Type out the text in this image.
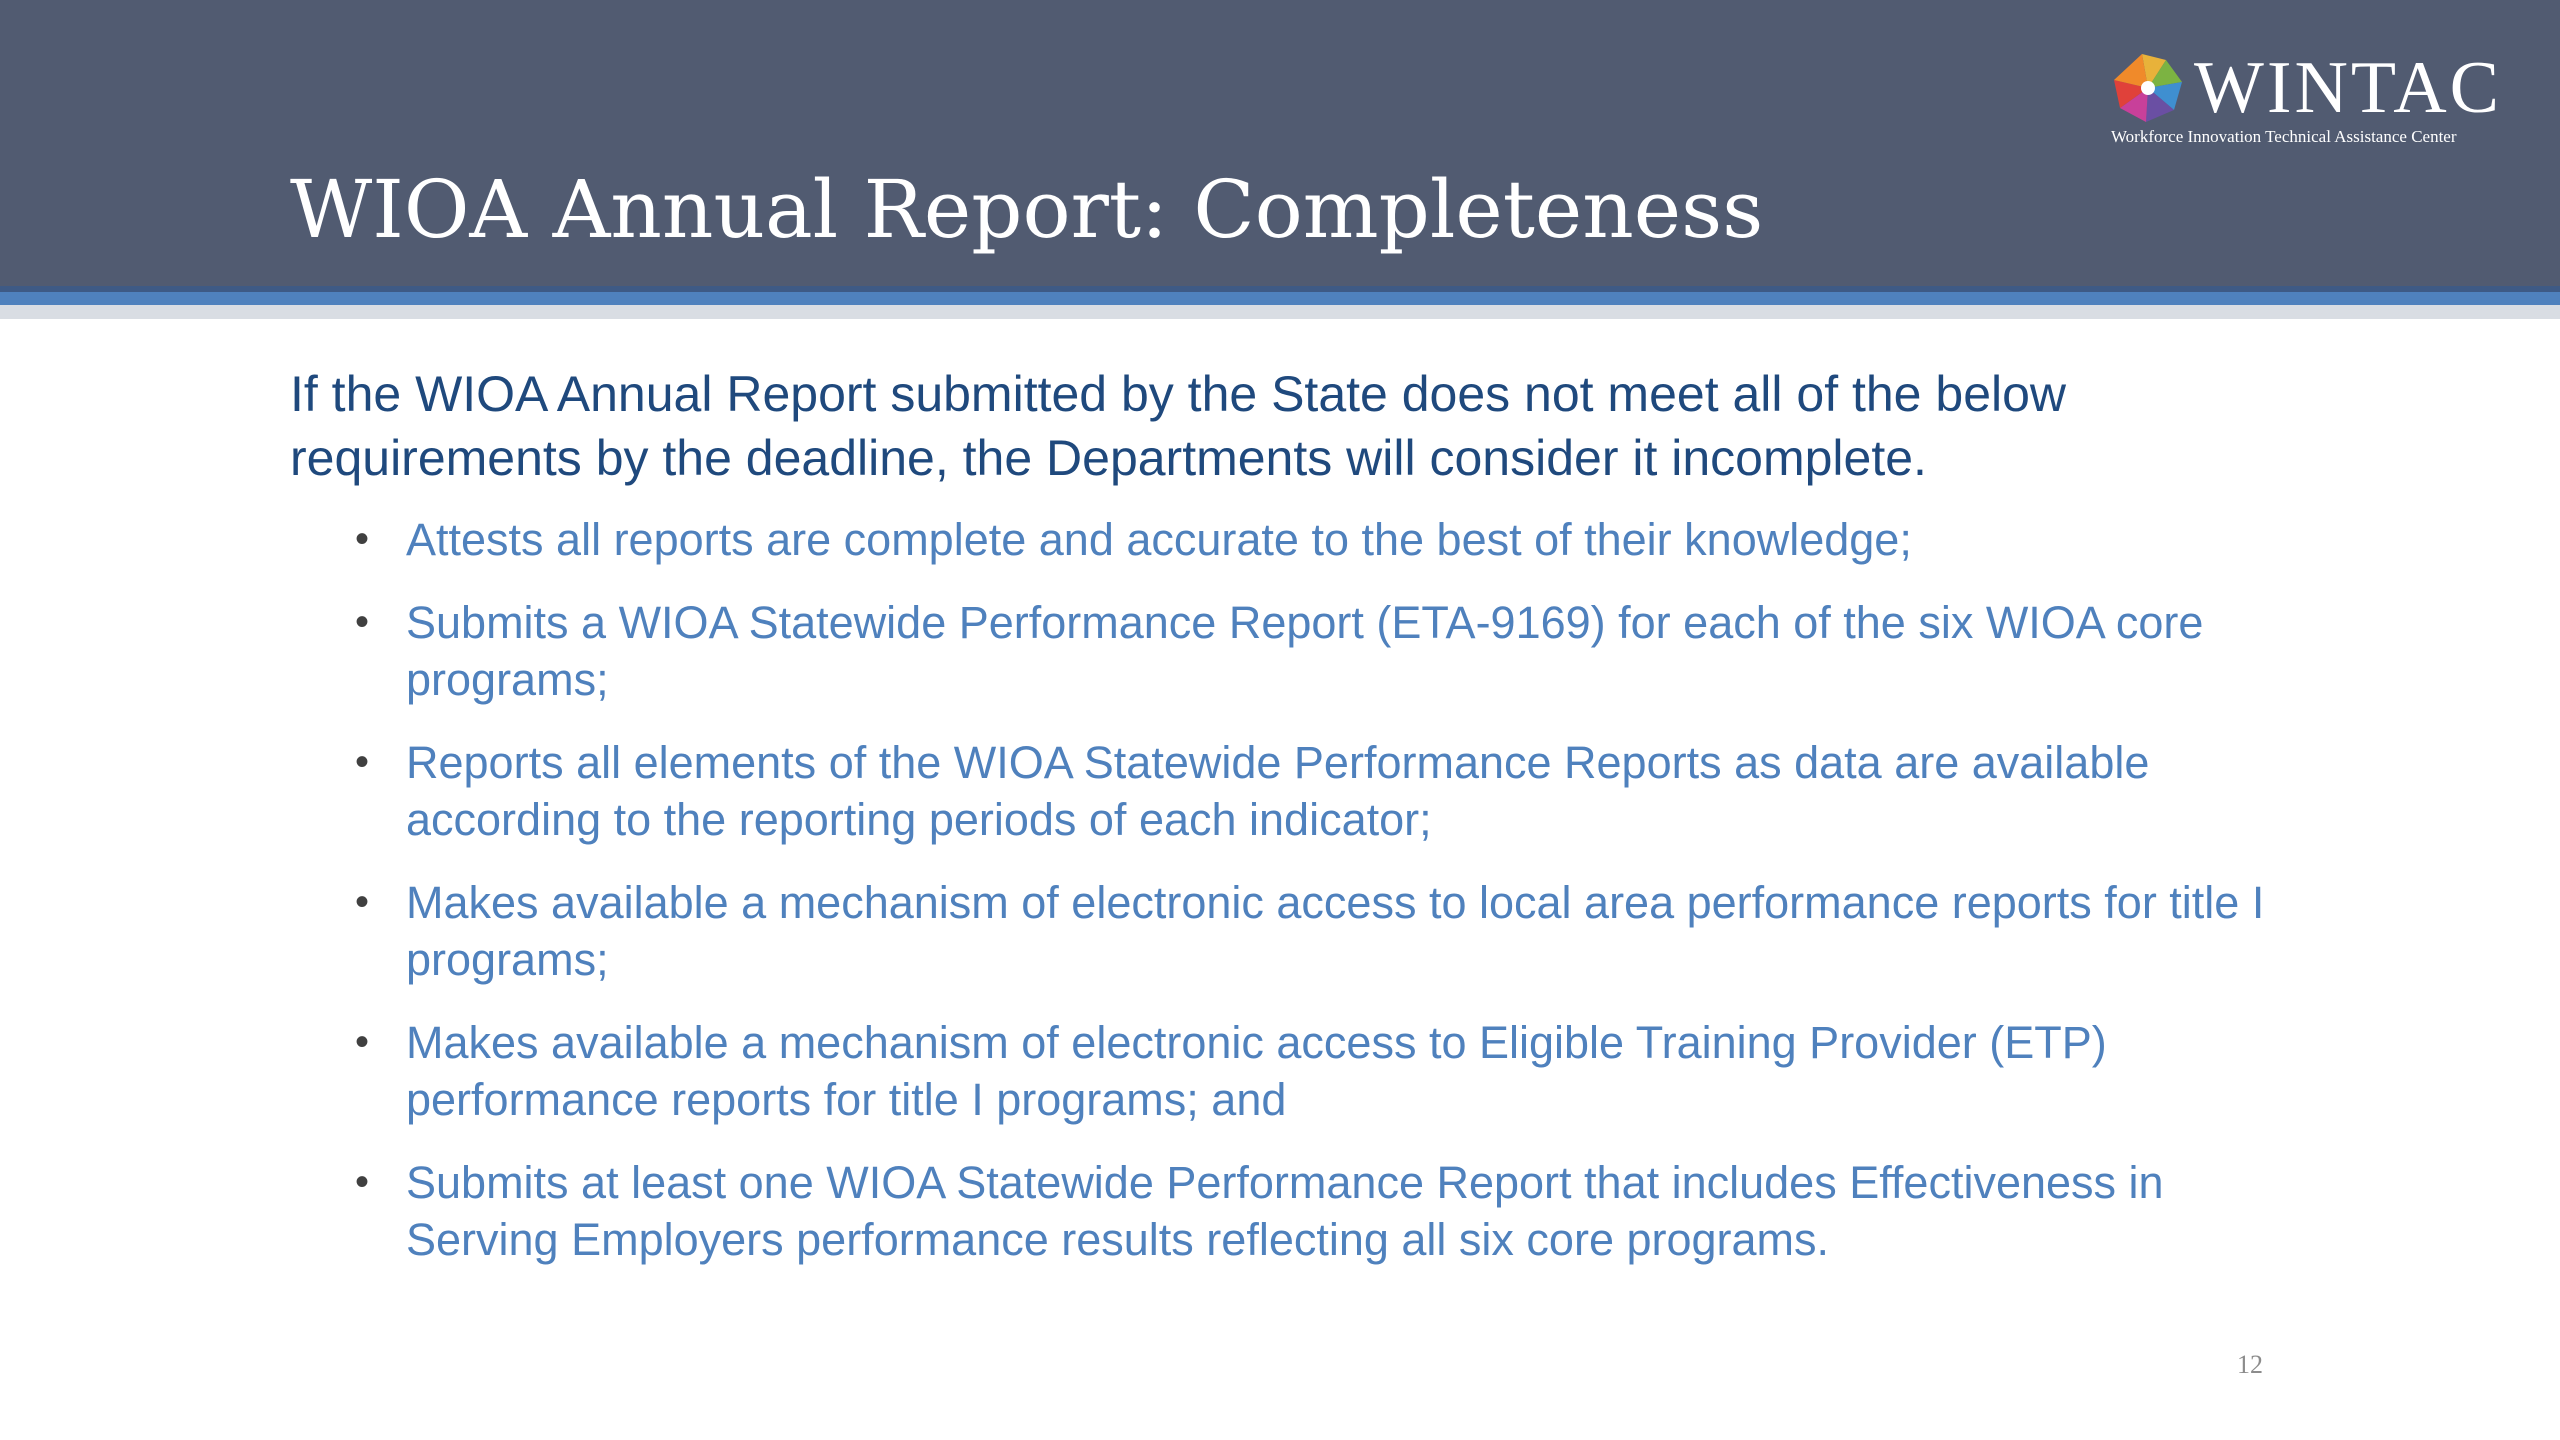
WIOA Annual Report: Completeness
WINTAC
Workforce Innovation Technical Assistance Center

If the WIOA Annual Report submitted by the State does not meet all of the below requirements by the deadline, the Departments will consider it incomplete.

• Attests all reports are complete and accurate to the best of their knowledge;
• Submits a WIOA Statewide Performance Report (ETA-9169) for each of the six WIOA core programs;
• Reports all elements of the WIOA Statewide Performance Reports as data are available according to the reporting periods of each indicator;
• Makes available a mechanism of electronic access to local area performance reports for title I programs;
• Makes available a mechanism of electronic access to Eligible Training Provider (ETP) performance reports for title I programs; and
• Submits at least one WIOA Statewide Performance Report that includes Effectiveness in Serving Employers performance results reflecting all six core programs.
12
